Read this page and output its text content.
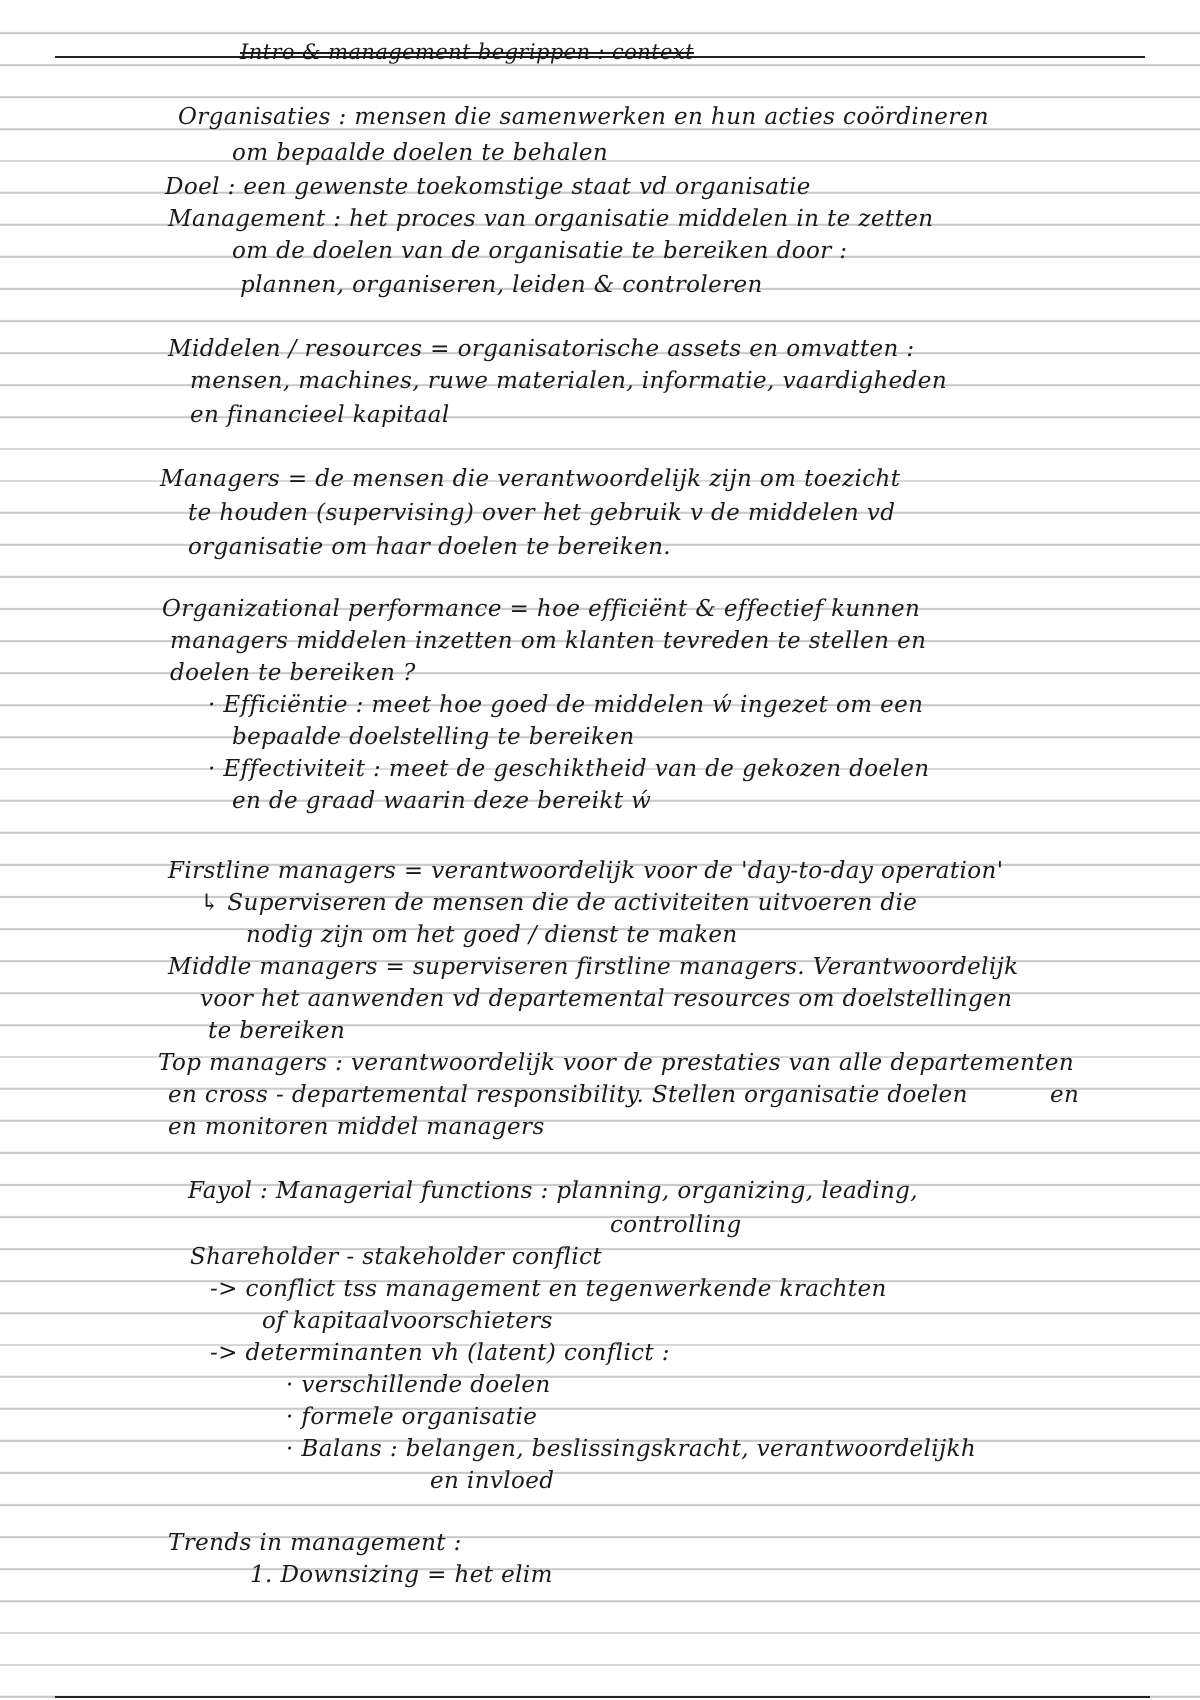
Intro & management begrippen : context
Organisaties : mensen die samenwerken en hun acties coördineren
om bepaalde doelen te behalen
Doel : een gewenste toekomstige staat vd organisatie
Management : het proces van organisatie middelen in te zetten
om de doelen van de organisatie te bereiken door :
plannen, organiseren, leiden & controleren
Middelen / resources = organisatorische assets en omvatten :
mensen, machines, ruwe materialen, informatie, vaardigheden
en financieel kapitaal
Managers = de mensen die verantwoordelijk zijn om toezicht
te houden (supervising) over het gebruik v de middelen vd
organisatie om haar doelen te bereiken.
Organizational performance = hoe efficiënt & effectief kunnen
managers middelen inzetten om klanten tevreden te stellen en
doelen te bereiken ?
· Efficiëntie : meet hoe goed de middelen ẃ ingezet om een
bepaalde doelstelling te bereiken
· Effectiviteit : meet de geschiktheid van de gekozen doelen
en de graad waarin deze bereikt ẃ
Firstline managers = verantwoordelijk voor de 'day-to-day operation'
↳ Superviseren de mensen die de activiteiten uitvoeren die
nodig zijn om het goed / dienst te maken
Middle managers = superviseren firstline managers. Verantwoordelijk
voor het aanwenden vd departemental resources om doelstellingen
te bereiken
Top managers : verantwoordelijk voor de prestaties van alle departementen
en cross - departemental responsibility. Stellen organisatie doelen	en
en monitoren middel managers
Fayol : Managerial functions : planning, organizing, leading,
controlling
Shareholder - stakeholder conflict
-> conflict tss management en tegenwerkende krachten
of kapitaalvoorschieters
-> determinanten vh (latent) conflict :
· verschillende doelen
· formele organisatie
· Balans : belangen, beslissingskracht, verantwoordelijkh
en invloed
Trends in management :
1. Downsizing = het elim
